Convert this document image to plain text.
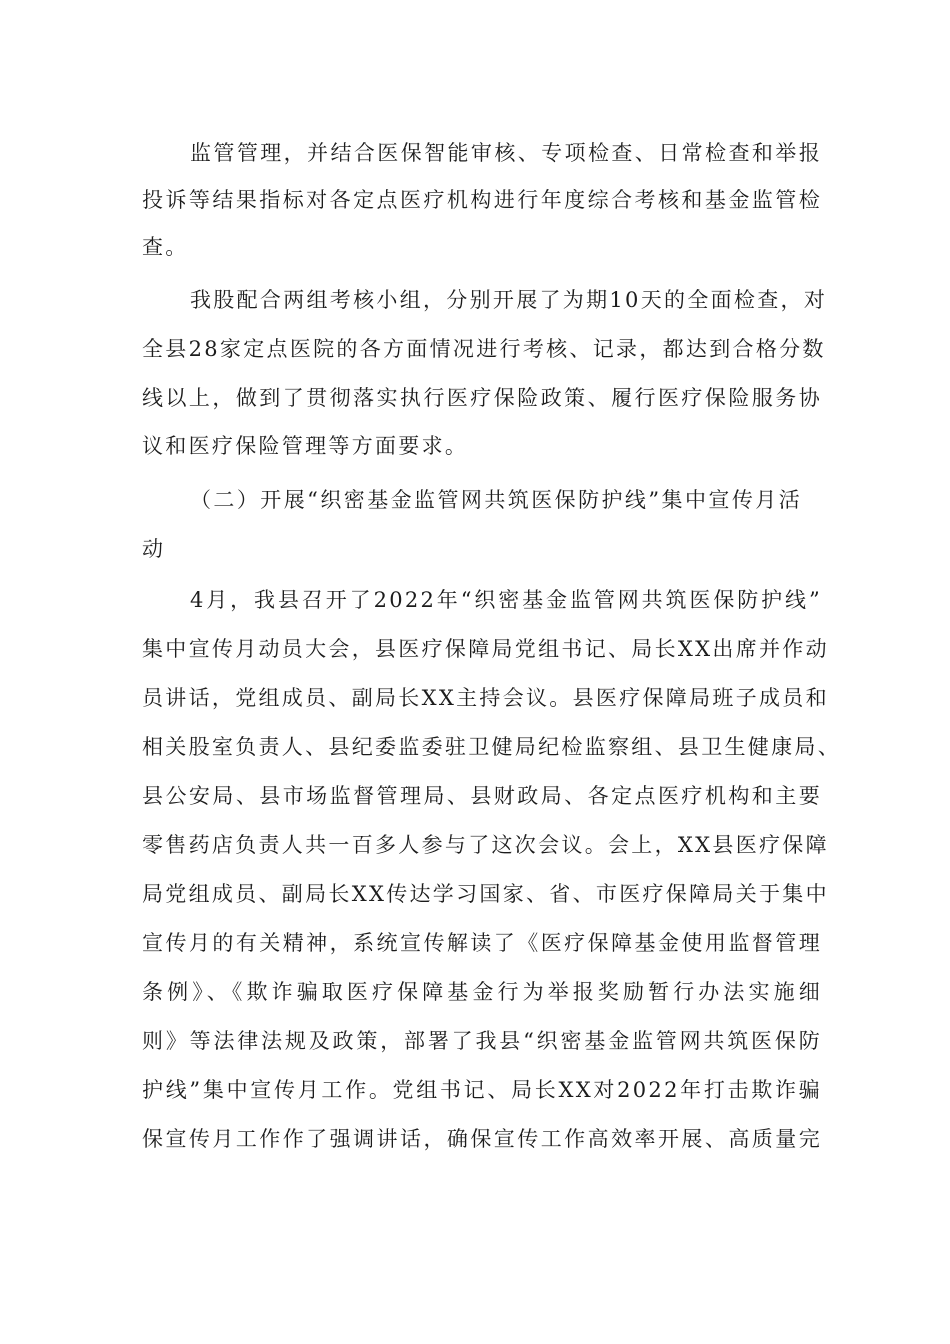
监管管理，并结合医保智能审核、专项检查、日常检查和举报
投诉等结果指标对各定点医疗机构进行年度综合考核和基金监管检
查。
我股配合两组考核小组，分别开展了为期10天的全面检查，对
全县28家定点医院的各方面情况进行考核、记录，都达到合格分数
线以上，做到了贯彻落实执行医疗保险政策、履行医疗保险服务协
议和医疗保险管理等方面要求。
（二）开展“织密基金监管网共筑医保防护线”集中宣传月活
动
4月，我县召开了2022年“织密基金监管网共筑医保防护线”
集中宣传月动员大会，县医疗保障局党组书记、局长XX出席并作动
员讲话，党组成员、副局长XX主持会议。县医疗保障局班子成员和
相关股室负责人、县纪委监委驻卫健局纪检监察组、县卫生健康局、
县公安局、县市场监督管理局、县财政局、各定点医疗机构和主要
零售药店负责人共一百多人参与了这次会议。会上，XX县医疗保障
局党组成员、副局长XX传达学习国家、省、市医疗保障局关于集中
宣传月的有关精神，系统宣传解读了《医疗保障基金使用监督管理
条例》、《欺诈骗取医疗保障基金行为举报奖励暂行办法实施细
则》等法律法规及政策，部署了我县“织密基金监管网共筑医保防
护线”集中宣传月工作。党组书记、局长XX对2022年打击欺诈骗
保宣传月工作作了强调讲话，确保宣传工作高效率开展、高质量完
